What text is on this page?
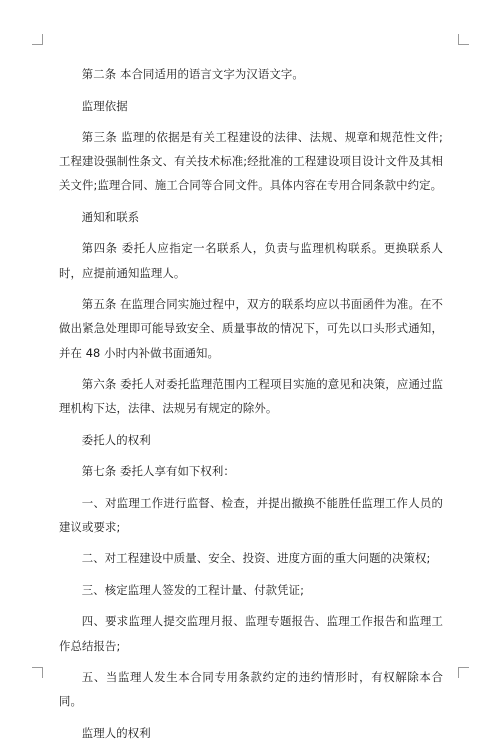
第二条 本合同适用的语言文字为汉语文字。

监理依据

第三条 监理的依据是有关工程建设的法律、法规、规章和规范性文件;工程建设强制性条文、有关技术标准;经批准的工程建设项目设计文件及其相关文件;监理合同、施工合同等合同文件。具体内容在专用合同条款中约定。

通知和联系

第四条 委托人应指定一名联系人，负责与监理机构联系。更换联系人时，应提前通知监理人。

第五条 在监理合同实施过程中，双方的联系均应以书面函件为准。在不做出紧急处理即可能导致安全、质量事故的情况下，可先以口头形式通知，并在 48 小时内补做书面通知。

第六条 委托人对委托监理范围内工程项目实施的意见和决策，应通过监理机构下达，法律、法规另有规定的除外。

委托人的权利

第七条 委托人享有如下权利：

一、对监理工作进行监督、检查，并提出撤换不能胜任监理工作人员的建议或要求;

二、对工程建设中质量、安全、投资、进度方面的重大问题的决策权;

三、核定监理人签发的工程计量、付款凭证;

四、要求监理人提交监理月报、监理专题报告、监理工作报告和监理工作总结报告;

五、当监理人发生本合同专用条款约定的违约情形时，有权解除本合同。

监理人的权利
